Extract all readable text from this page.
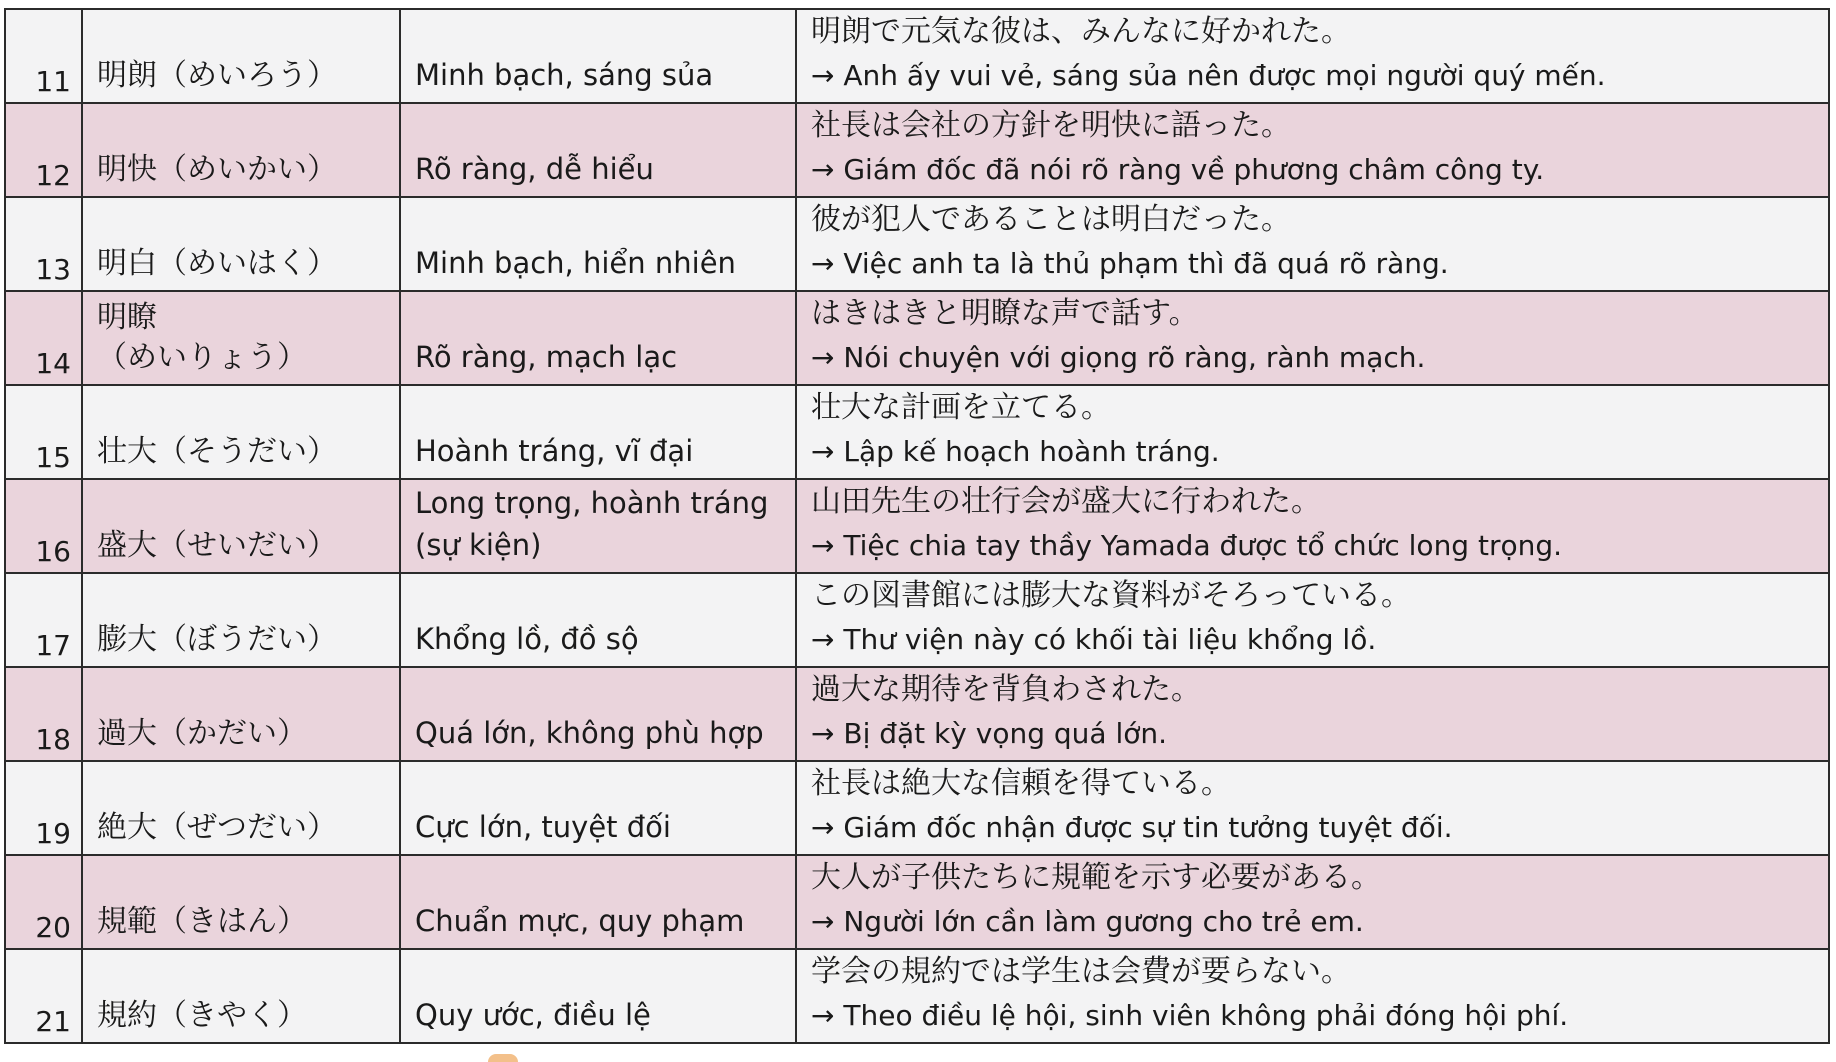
11	明朗（めいろう）	Minh bạch, sáng sủa	明朗で元気な彼は、みんなに好かれた。
→ Anh ấy vui vẻ, sáng sủa nên được mọi người quý mến.

12	明快（めいかい）	Rõ ràng, dễ hiểu	社長は会社の方針を明快に語った。
→ Giám đốc đã nói rõ ràng về phương châm công ty.

13	明白（めいはく）	Minh bạch, hiển nhiên	彼が犯人であることは明白だった。
→ Việc anh ta là thủ phạm thì đã quá rõ ràng.

14	明瞭
（めいりょう）	Rõ ràng, mạch lạc	はきはきと明瞭な声で話す。
→ Nói chuyện với giọng rõ ràng, rành mạch.

15	壮大（そうだい）	Hoành tráng, vĩ đại	壮大な計画を立てる。
→ Lập kế hoạch hoành tráng.

16	盛大（せいだい）	Long trọng, hoành tráng
(sự kiện)	山田先生の壮行会が盛大に行われた。
→ Tiệc chia tay thầy Yamada được tổ chức long trọng.

17	膨大（ぼうだい）	Khổng lồ, đồ sộ	この図書館には膨大な資料がそろっている。
→ Thư viện này có khối tài liệu khổng lồ.

18	過大（かだい）	Quá lớn, không phù hợp	過大な期待を背負わされた。
→ Bị đặt kỳ vọng quá lớn.

19	絶大（ぜつだい）	Cực lớn, tuyệt đối	社長は絶大な信頼を得ている。
→ Giám đốc nhận được sự tin tưởng tuyệt đối.

20	規範（きはん）	Chuẩn mực, quy phạm	大人が子供たちに規範を示す必要がある。
→ Người lớn cần làm gương cho trẻ em.

21	規約（きやく）	Quy ước, điều lệ	学会の規約では学生は会費が要らない。
→ Theo điều lệ hội, sinh viên không phải đóng hội phí.
